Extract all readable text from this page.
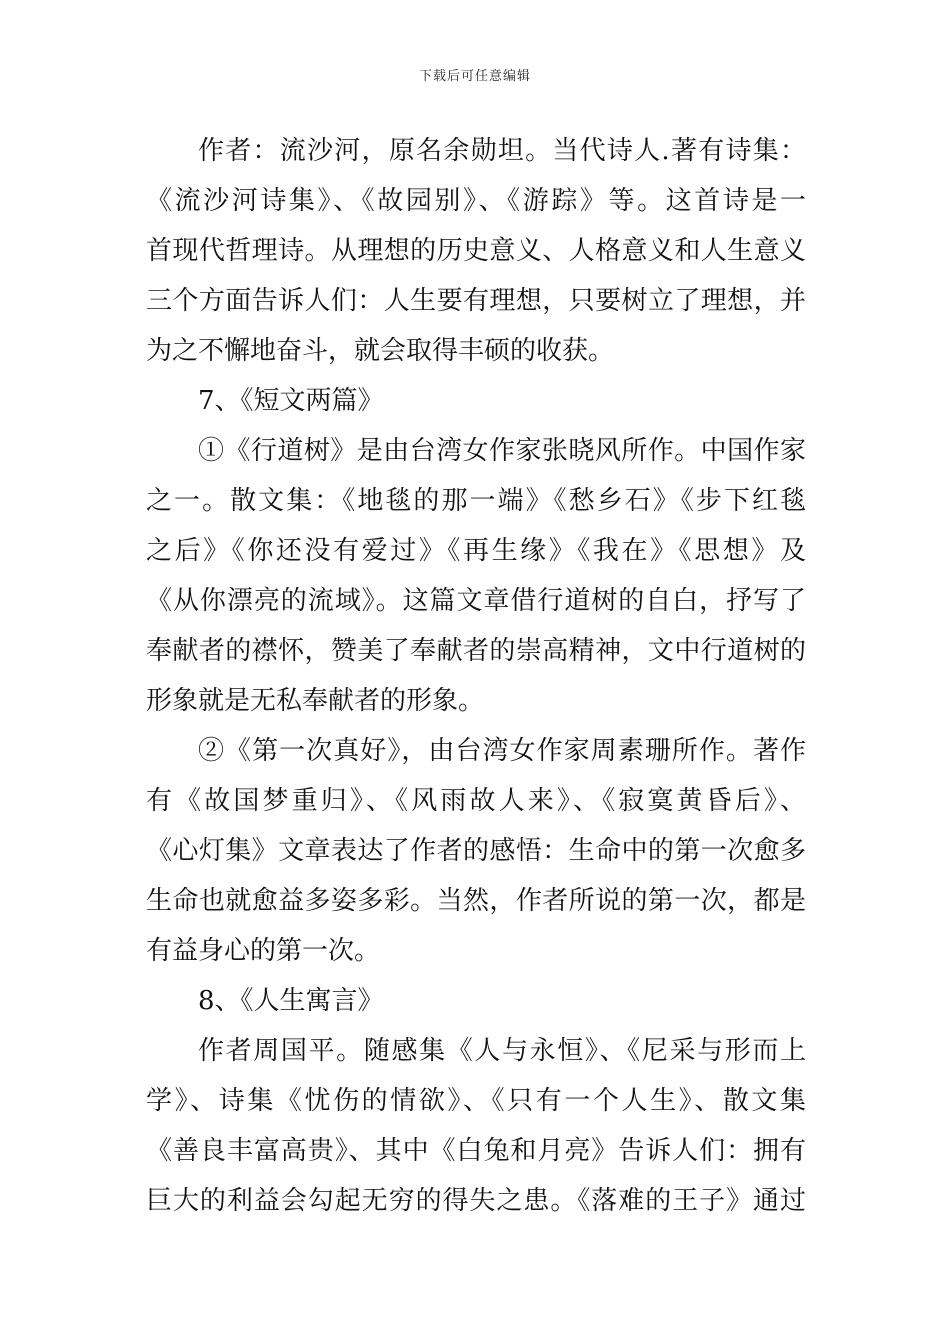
下载后可任意编辑
作者：流沙河，原名余勋坦。当代诗人.著有诗集：
《流沙河诗集》、《故园别》、《游踪》等。这首诗是一
首现代哲理诗。从理想的历史意义、人格意义和人生意义
三个方面告诉人们：人生要有理想，只要树立了理想，并
为之不懈地奋斗，就会取得丰硕的收获。
7、《短文两篇》
①《行道树》是由台湾女作家张晓风所作。中国作家
之一。散文集：《地毯的那一端》《愁乡石》《步下红毯
之后》《你还没有爱过》《再生缘》《我在》《思想》及
《从你漂亮的流域》。这篇文章借行道树的自白，抒写了
奉献者的襟怀，赞美了奉献者的崇高精神，文中行道树的
形象就是无私奉献者的形象。
②《第一次真好》，由台湾女作家周素珊所作。著作
有《故国梦重归》、《风雨故人来》、《寂寞黄昏后》、
《心灯集》文章表达了作者的感悟：生命中的第一次愈多
生命也就愈益多姿多彩。当然，作者所说的第一次，都是
有益身心的第一次。
8、《人生寓言》
作者周国平。随感集《人与永恒》、《尼采与形而上
学》、诗集《忧伤的情欲》、《只有一个人生》、散文集
《善良丰富高贵》、其中《白兔和月亮》告诉人们：拥有
巨大的利益会勾起无穷的得失之患。《落难的王子》通过
